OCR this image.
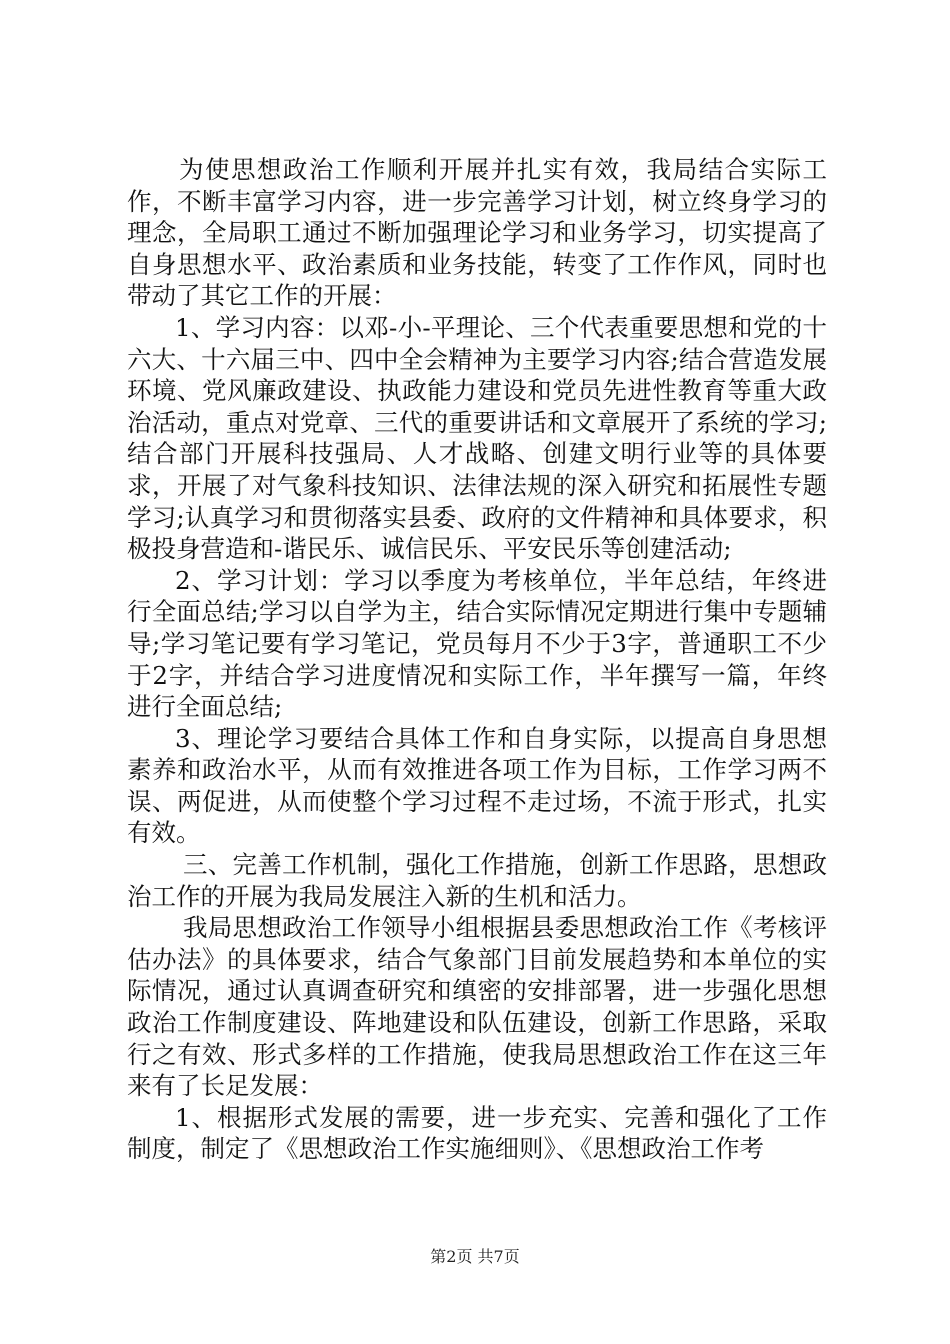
为使思想政治工作顺利开展并扎实有效，我局结合实际工作，不断丰富学习内容，进一步完善学习计划，树立终身学习的理念，全局职工通过不断加强理论学习和业务学习，切实提高了自身思想水平、政治素质和业务技能，转变了工作作风，同时也带动了其它工作的开展：

1、学习内容：以邓-小-平理论、三个代表重要思想和党的十六大、十六届三中、四中全会精神为主要学习内容;结合营造发展环境、党风廉政建设、执政能力建设和党员先进性教育等重大政治活动，重点对党章、三代的重要讲话和文章展开了系统的学习;结合部门开展科技强局、人才战略、创建文明行业等的具体要求，开展了对气象科技知识、法律法规的深入研究和拓展性专题学习;认真学习和贯彻落实县委、政府的文件精神和具体要求，积极投身营造和-谐民乐、诚信民乐、平安民乐等创建活动;

2、学习计划：学习以季度为考核单位，半年总结，年终进行全面总结;学习以自学为主，结合实际情况定期进行集中专题辅导;学习笔记要有学习笔记，党员每月不少于3字，普通职工不少于2字，并结合学习进度情况和实际工作，半年撰写一篇，年终进行全面总结;

3、理论学习要结合具体工作和自身实际，以提高自身思想素养和政治水平，从而有效推进各项工作为目标，工作学习两不误、两促进，从而使整个学习过程不走过场，不流于形式，扎实有效。

三、完善工作机制，强化工作措施，创新工作思路，思想政治工作的开展为我局发展注入新的生机和活力。

我局思想政治工作领导小组根据县委思想政治工作《考核评估办法》的具体要求，结合气象部门目前发展趋势和本单位的实际情况，通过认真调查研究和缜密的安排部署，进一步强化思想政治工作制度建设、阵地建设和队伍建设，创新工作思路，采取行之有效、形式多样的工作措施，使我局思想政治工作在这三年来有了长足发展：

1、根据形式发展的需要，进一步充实、完善和强化了工作制度，制定了《思想政治工作实施细则》、《思想政治工作考

第2页 共7页
